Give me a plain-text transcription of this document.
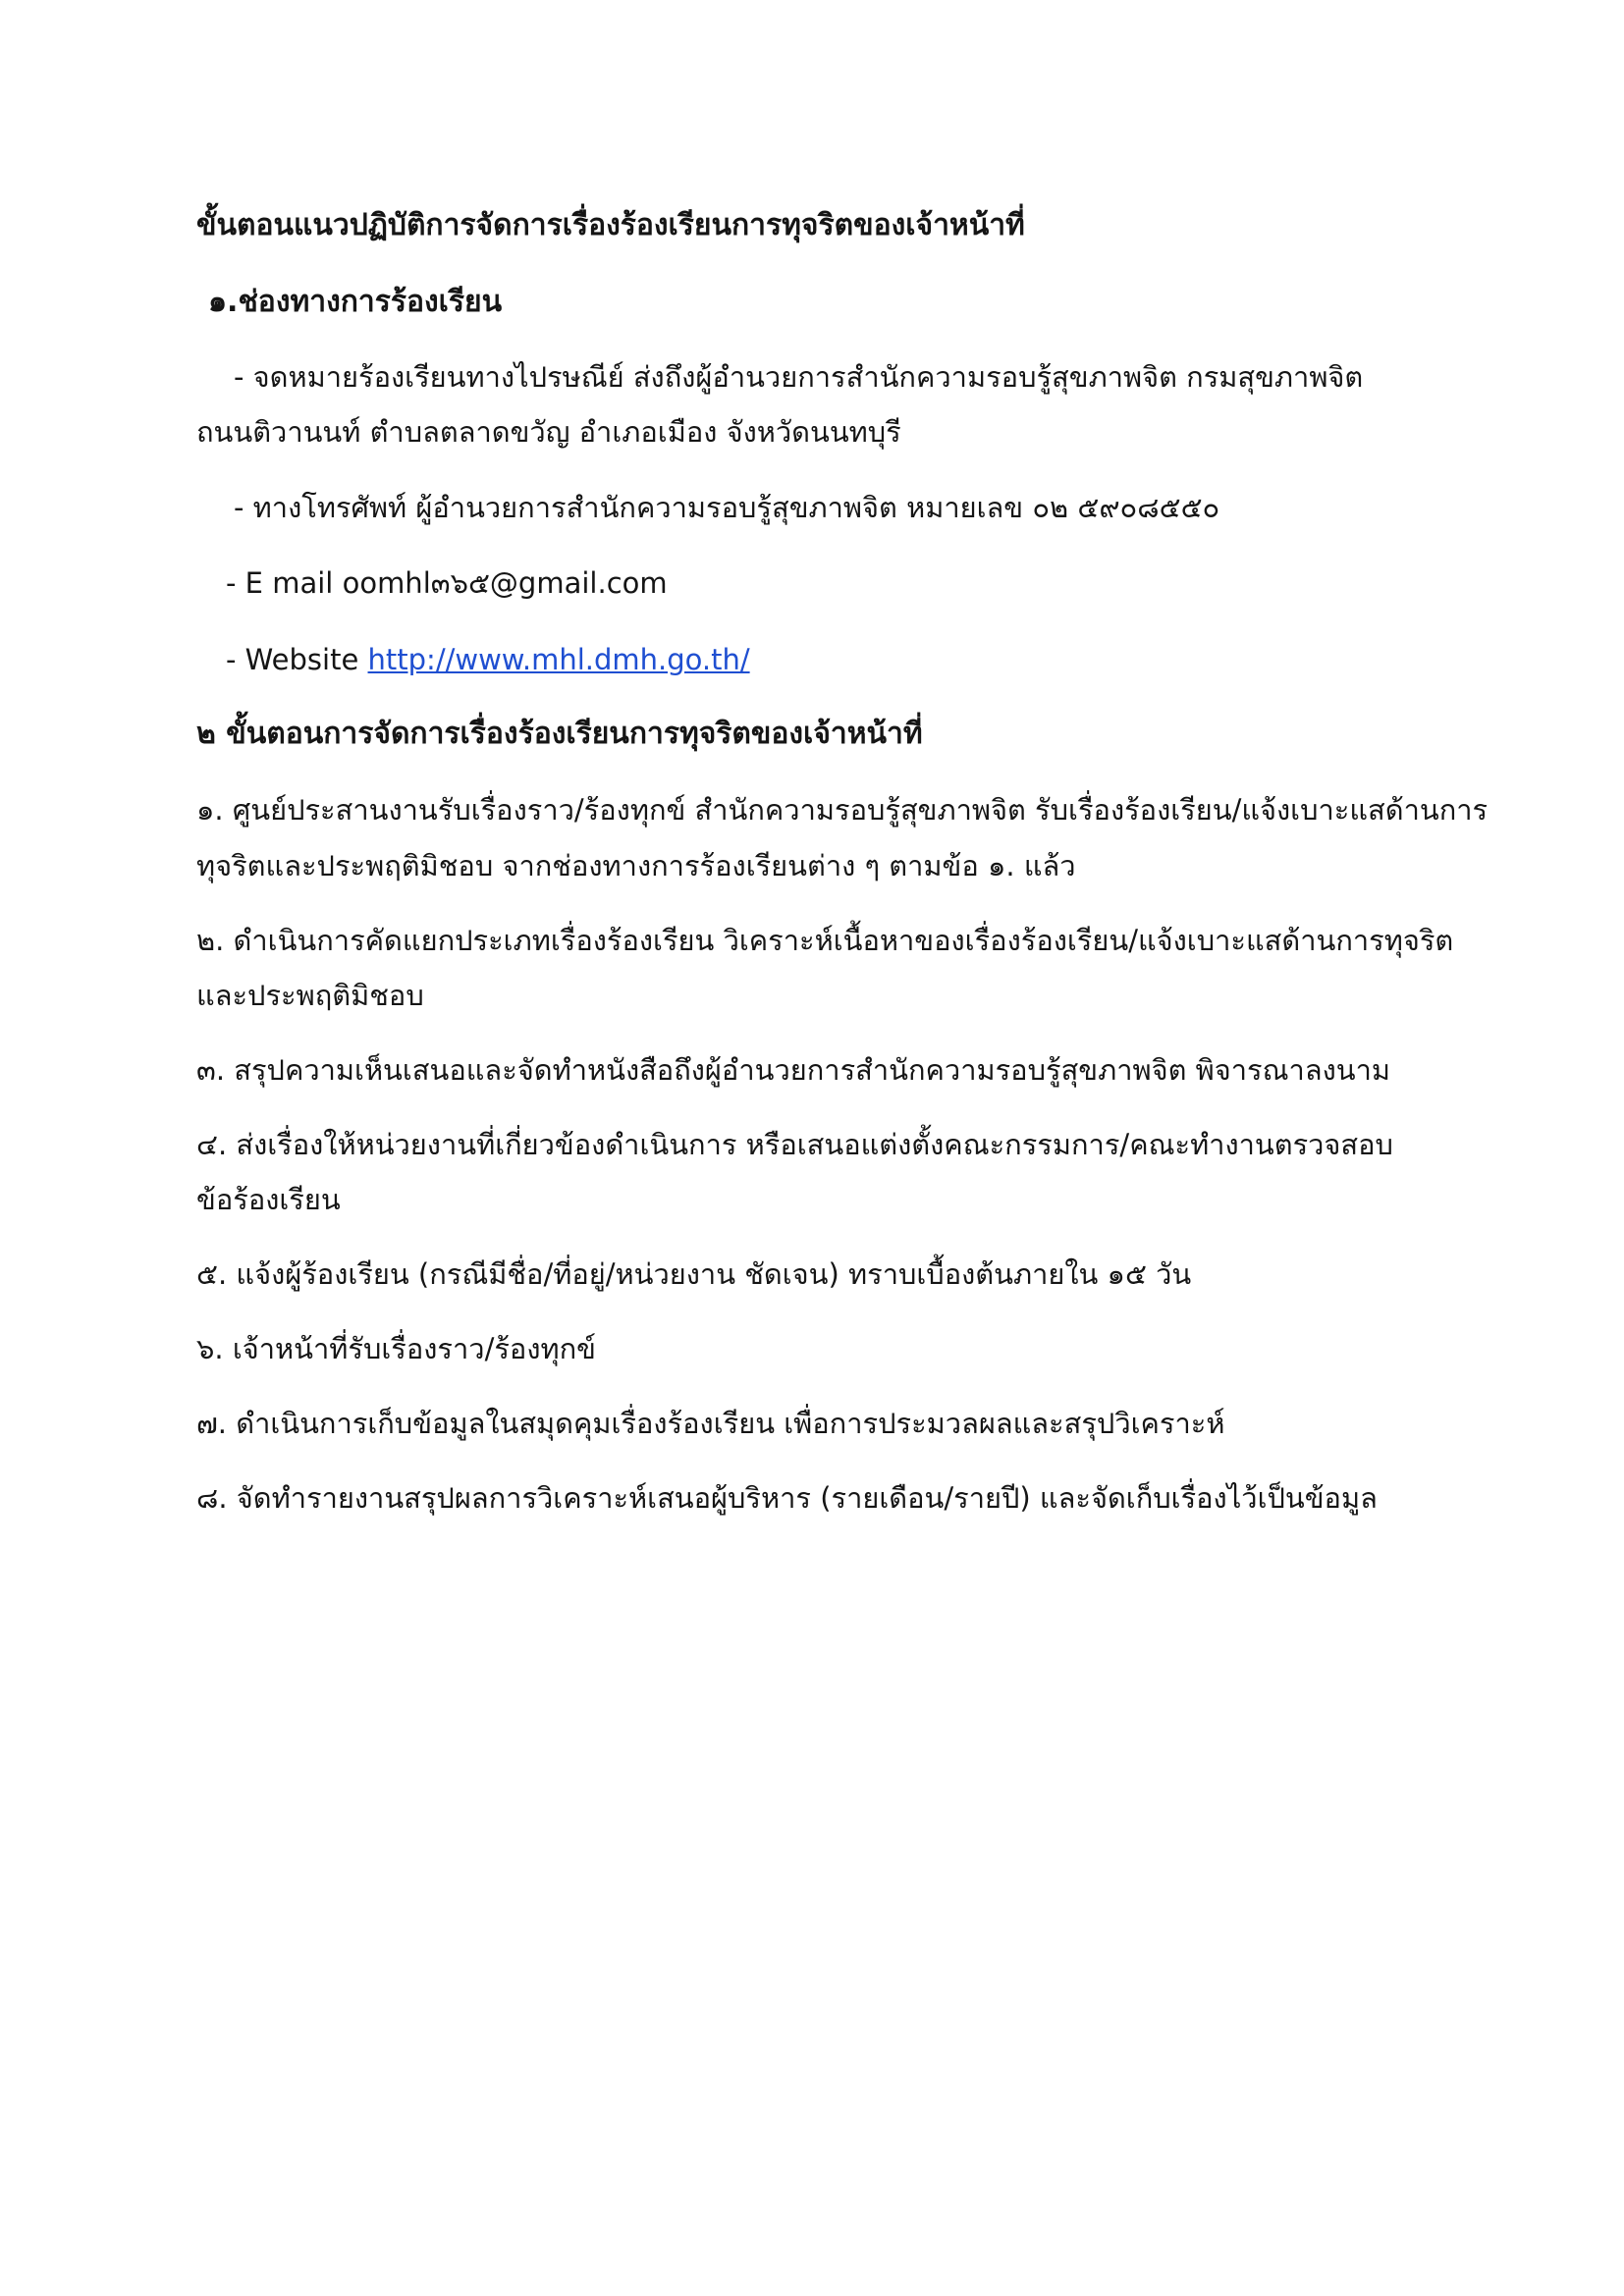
ขั้นตอนแนวปฏิบัติการจัดการเรื่องร้องเรียนการทุจริตของเจ้าหน้าที่
๑.ช่องทางการร้องเรียน
- จดหมายร้องเรียนทางไปรษณีย์ ส่งถึงผู้อำนวยการสำนักความรอบรู้สุขภาพจิต กรมสุขภาพจิต
ถนนติวานนท์ ตำบลตลาดขวัญ อำเภอเมือง จังหวัดนนทบุรี
- ทางโทรศัพท์ ผู้อำนวยการสำนักความรอบรู้สุขภาพจิต หมายเลข ๐๒ ๕๙๐๘๕๕๐
- E mail oomhl๓๖๕@gmail.com
- Website http://www.mhl.dmh.go.th/
๒ ขั้นตอนการจัดการเรื่องร้องเรียนการทุจริตของเจ้าหน้าที่
๑. ศูนย์ประสานงานรับเรื่องราว/ร้องทุกข์ สำนักความรอบรู้สุขภาพจิต รับเรื่องร้องเรียน/แจ้งเบาะแสด้านการ
ทุจริตและประพฤติมิชอบ จากช่องทางการร้องเรียนต่าง ๆ ตามข้อ ๑. แล้ว
๒. ดำเนินการคัดแยกประเภทเรื่องร้องเรียน วิเคราะห์เนื้อหาของเรื่องร้องเรียน/แจ้งเบาะแสด้านการทุจริต
และประพฤติมิชอบ
๓. สรุปความเห็นเสนอและจัดทำหนังสือถึงผู้อำนวยการสำนักความรอบรู้สุขภาพจิต พิจารณาลงนาม
๔. ส่งเรื่องให้หน่วยงานที่เกี่ยวข้องดำเนินการ หรือเสนอแต่งตั้งคณะกรรมการ/คณะทำงานตรวจสอบ
ข้อร้องเรียน
๕. แจ้งผู้ร้องเรียน (กรณีมีชื่อ/ที่อยู่/หน่วยงาน ชัดเจน) ทราบเบื้องต้นภายใน ๑๕ วัน
๖. เจ้าหน้าที่รับเรื่องราว/ร้องทุกข์
๗. ดำเนินการเก็บข้อมูลในสมุดคุมเรื่องร้องเรียน เพื่อการประมวลผลและสรุปวิเคราะห์
๘. จัดทำรายงานสรุปผลการวิเคราะห์เสนอผู้บริหาร (รายเดือน/รายปี) และจัดเก็บเรื่องไว้เป็นข้อมูล
